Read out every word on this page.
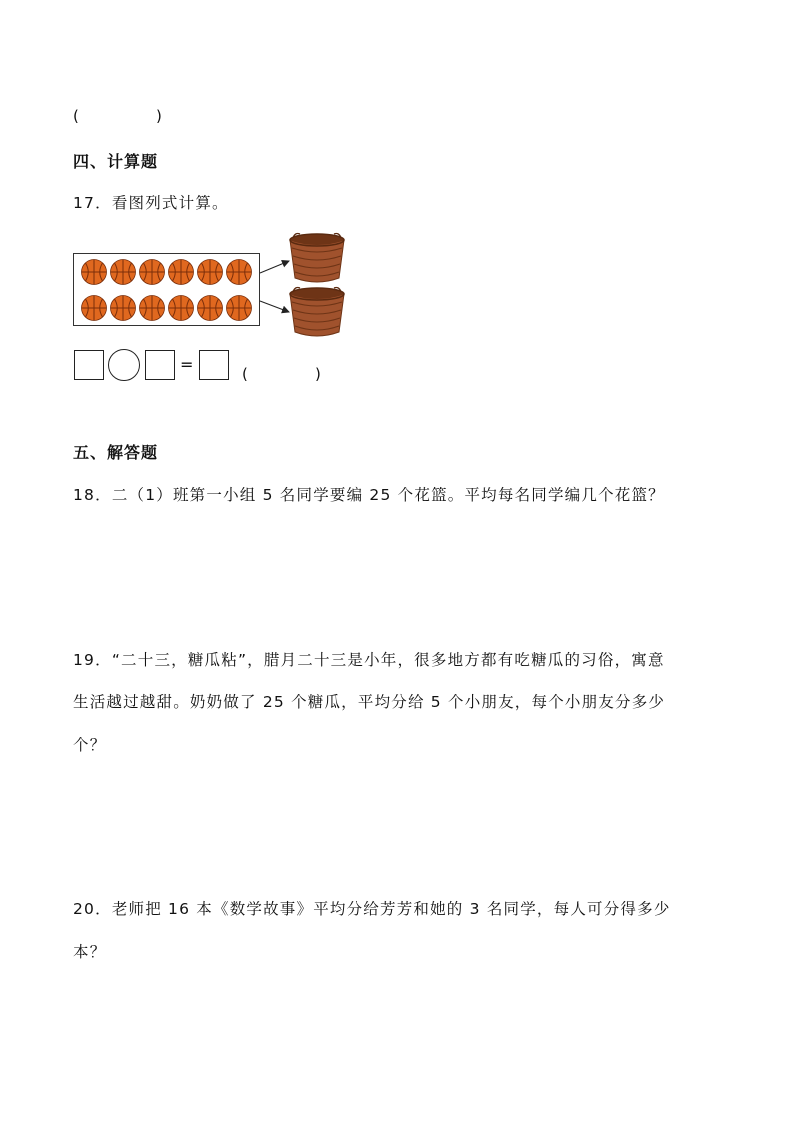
(	)
四、计算题
17．看图列式计算。
=	(	)
五、解答题
18．二（1）班第一小组 5 名同学要编 25 个花篮。平均每名同学编几个花篮？
19．“二十三，糖瓜粘”，腊月二十三是小年，很多地方都有吃糖瓜的习俗，寓意
生活越过越甜。奶奶做了 25 个糖瓜，平均分给 5 个小朋友，每个小朋友分多少
个？
20．老师把 16 本《数学故事》平均分给芳芳和她的 3 名同学，每人可分得多少
本？
